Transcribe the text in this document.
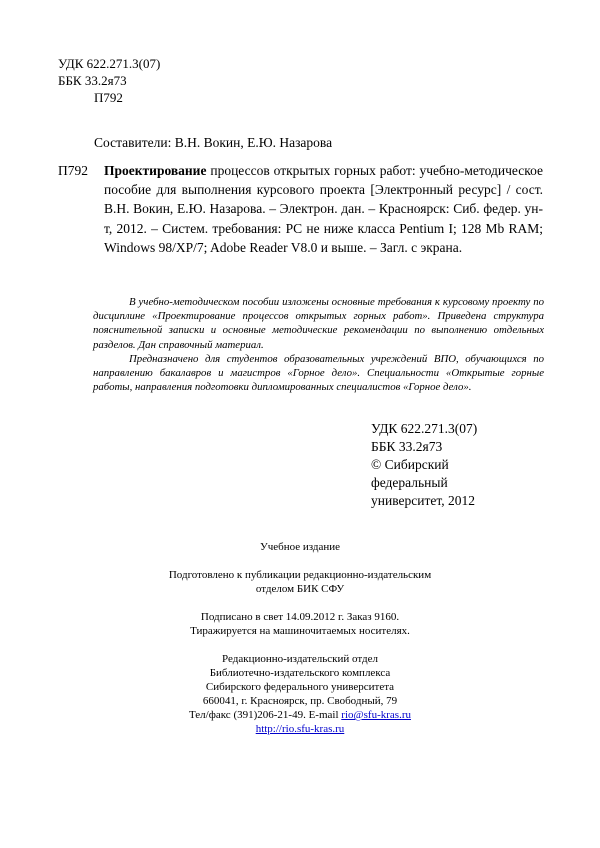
УДК 622.271.3(07)
ББК 33.2я73
П792
Составители: В.Н. Вокин, Е.Ю. Назарова
П792 Проектирование процессов открытых горных работ: учебно-методическое пособие для выполнения курсового проекта [Электронный ресурс] / сост. В.Н. Вокин, Е.Ю. Назарова. – Электрон. дан. – Красноярск: Сиб. федер. ун-т, 2012. – Систем. требования: PC не ниже класса Pentium I; 128 Mb RAM; Windows 98/XP/7; Adobe Reader V8.0 и выше. – Загл. с экрана.

В учебно-методическом пособии изложены основные требования к курсовому проекту по дисциплине «Проектирование процессов открытых горных работ». Приведена структура пояснительной записки и основные методические рекомендации по выполнению отдельных разделов. Дан справочный материал.

Предназначено для студентов образовательных учреждений ВПО, обучающихся по направлению бакалавров и магистров «Горное дело». Специальности «Открытые горные работы, направления подготовки дипломированных специалистов «Горное дело».

УДК 622.271.3(07)
ББК 33.2я73
© Сибирский
федеральный
университет, 2012

Учебное издание

Подготовлено к публикации редакционно-издательским

отделом БИК СФУ

Подписано в свет 14.09.2012 г. Заказ 9160.

Тиражируется на машиночитаемых носителях.

Редакционно-издательский отдел

Библиотечно-издательского комплекса

Сибирского федерального университета

660041, г. Красноярск, пр. Свободный, 79

Тел/факс (391)206-21-49. E-mail rio@sfu-kras.ru

http://rio.sfu-kras.ru
